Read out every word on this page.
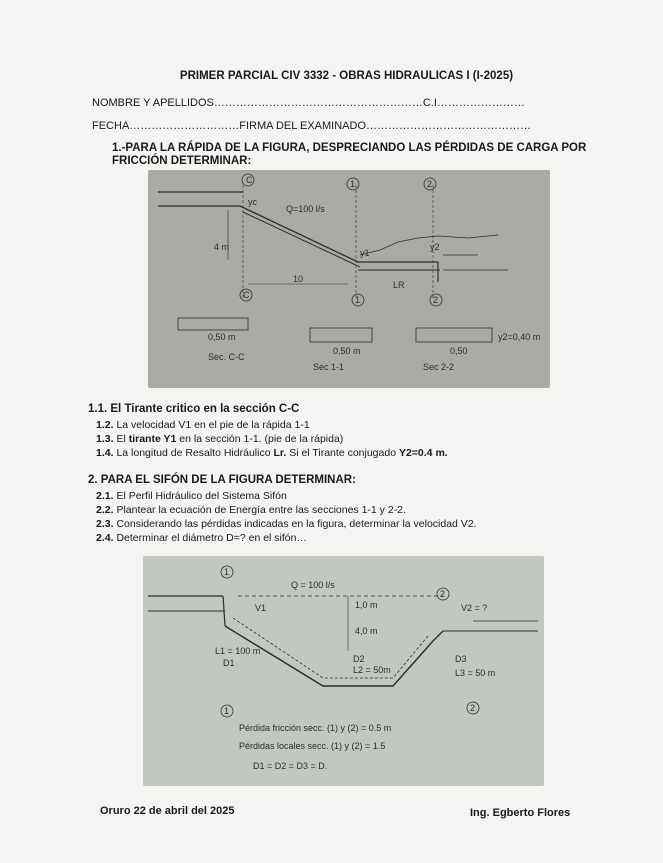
PRIMER PARCIAL CIV 3332 - OBRAS HIDRAULICAS I (I-2025)
NOMBRE Y APELLIDOS…………………………………………………C.I……………………
FECHA…………………………FIRMA DEL EXAMINADO………………………………………
1.-PARA LA RÁPIDA DE LA FIGURA, DESPRECIANDO LAS PÉRDIDAS DE CARGA POR
FRICCIÓN DETERMINAR:
C	1	2
C	1	2
yc
Q=100 l/s
4 m
10
y1
y2
LR
0,50 m
0,50 m	0,50
y2=0,40 m
Sec. C-C
Sec 1-1	Sec 2-2
1.1. El Tirante critico en la sección C-C
1.2. La velocidad V1 en el pie de la rápida 1-1
1.3. El tirante Y1 en la sección 1-1. (pie de la rápida)
1.4. La longitud de Resalto Hidráulico Lr. Si el Tirante conjugado Y2=0.4 m.
2. PARA EL SIFÓN DE LA FIGURA DETERMINAR:
2.1. El Perfil Hidráulico del Sistema Sifón
2.2. Plantear la ecuación de Energía entre las secciones 1-1 y 2-2.
2.3. Considerando las pérdidas indicadas en la figura, determinar la velocidad V2.
2.4. Determinar el diámetro D=? en el sifón…
1
2
1	2
Q = 100 l/s
V1	V2 = ?
1,0 m
4,0 m
L1 = 100 m
D1	D2
L2 = 50m
D3
L3 = 50 m
Pérdida fricción secc. (1) y (2) = 0.5 m
Pérdidas locales secc. (1) y (2) = 1.5
D1 = D2 = D3 = D.
Oruro 22 de abril del 2025	Ing. Egberto Flores
